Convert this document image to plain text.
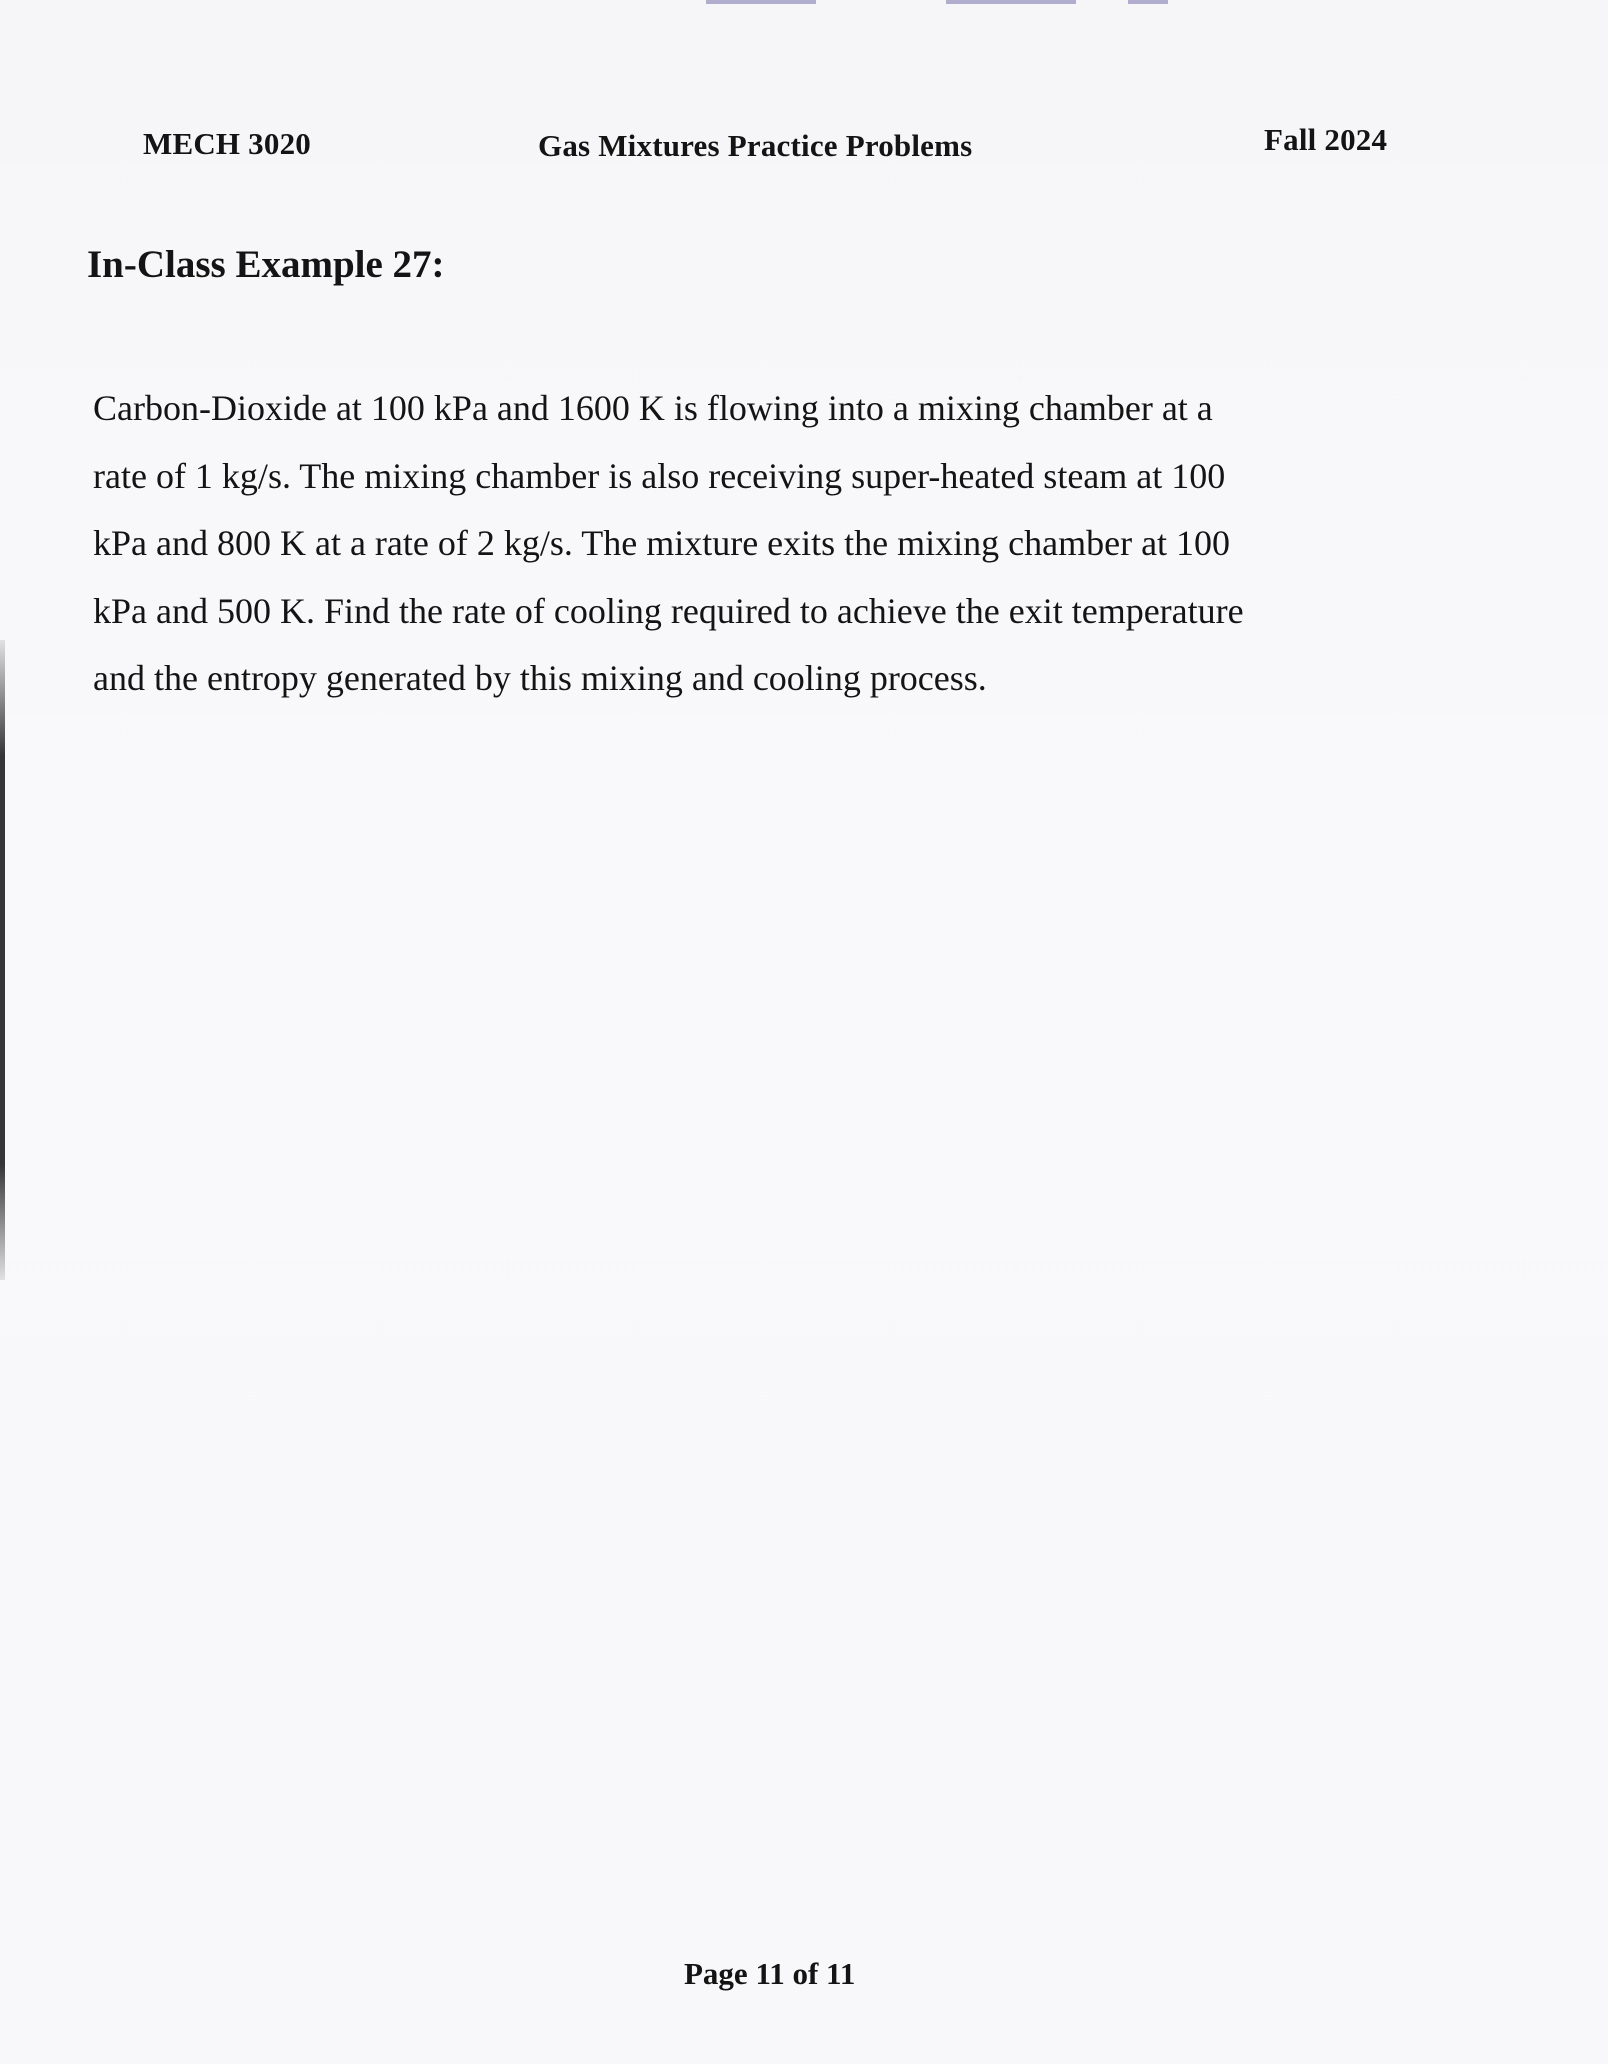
MECH 3020	Gas Mixtures Practice Problems	Fall 2024
In-Class Example 27:

Carbon-Dioxide at 100 kPa and 1600 K is flowing into a mixing chamber at a
rate of 1 kg/s. The mixing chamber is also receiving super-heated steam at 100
kPa and 800 K at a rate of 2 kg/s. The mixture exits the mixing chamber at 100
kPa and 500 K. Find the rate of cooling required to achieve the exit temperature
and the entropy generated by this mixing and cooling process.

Page 11 of 11
